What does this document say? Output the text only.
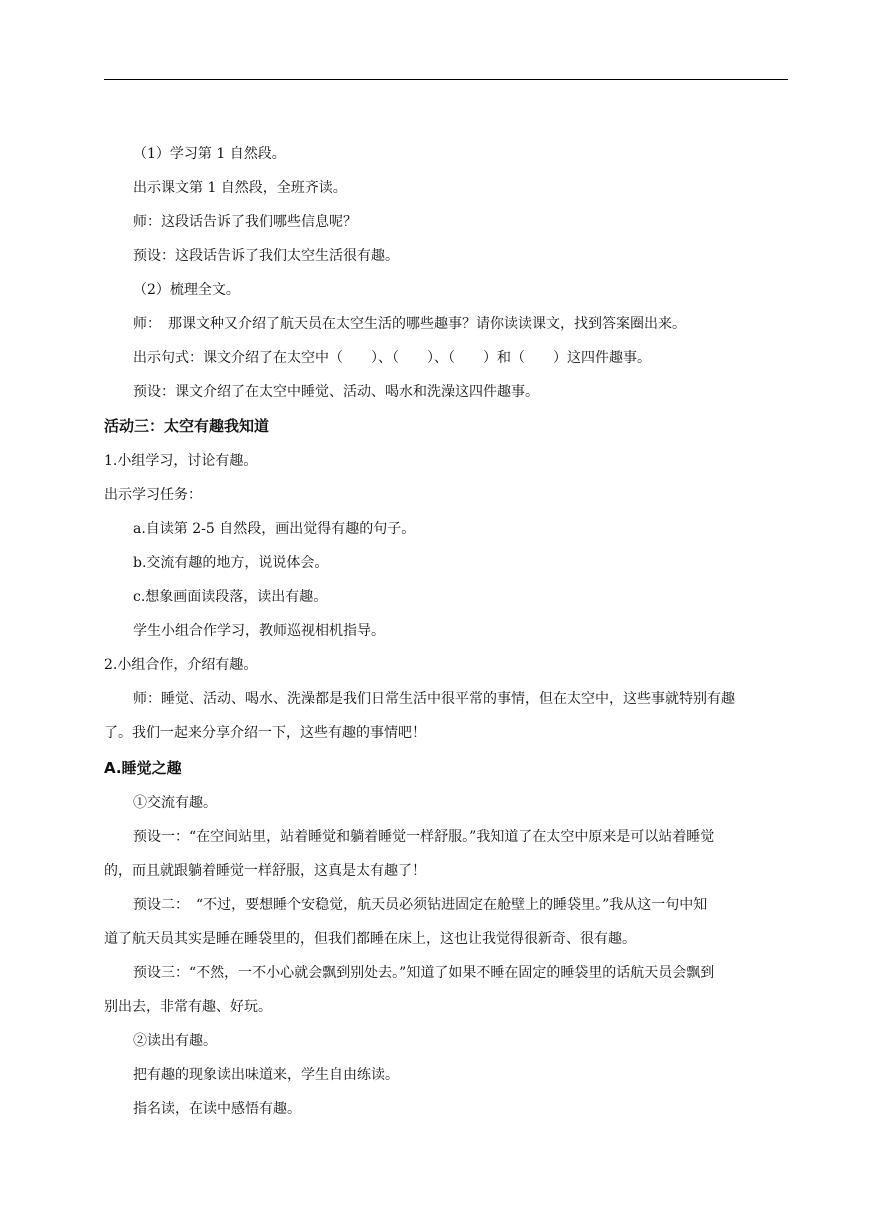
（1）学习第 1 自然段。
出示课文第 1 自然段，全班齐读。
师：这段话告诉了我们哪些信息呢？
预设：这段话告诉了我们太空生活很有趣。
（2）梳理全文。
师：　那课文种又介绍了航天员在太空生活的哪些趣事？请你读读课文，找到答案圈出来。
出示句式：课文介绍了在太空中（　　）、（　　）、（　　）和（　　）这四件趣事。
预设：课文介绍了在太空中睡觉、活动、喝水和洗澡这四件趣事。
活动三：太空有趣我知道
1.小组学习，讨论有趣。
出示学习任务：
a.自读第 2-5 自然段，画出觉得有趣的句子。
b.交流有趣的地方，说说体会。
c.想象画面读段落，读出有趣。
学生小组合作学习，教师巡视相机指导。
2.小组合作，介绍有趣。
师：睡觉、活动、喝水、洗澡都是我们日常生活中很平常的事情，但在太空中，这些事就特别有趣
了。我们一起来分享介绍一下，这些有趣的事情吧！
A.睡觉之趣
①交流有趣。
预设一：“在空间站里，站着睡觉和躺着睡觉一样舒服。”我知道了在太空中原来是可以站着睡觉
的，而且就跟躺着睡觉一样舒服，这真是太有趣了！
预设二：　“不过，要想睡个安稳觉，航天员必须钻进固定在舱壁上的睡袋里。”我从这一句中知
道了航天员其实是睡在睡袋里的，但我们都睡在床上，这也让我觉得很新奇、很有趣。
预设三：“不然，一不小心就会飘到别处去。”知道了如果不睡在固定的睡袋里的话航天员会飘到
别出去，非常有趣、好玩。
②读出有趣。
把有趣的现象读出味道来，学生自由练读。
指名读，在读中感悟有趣。
